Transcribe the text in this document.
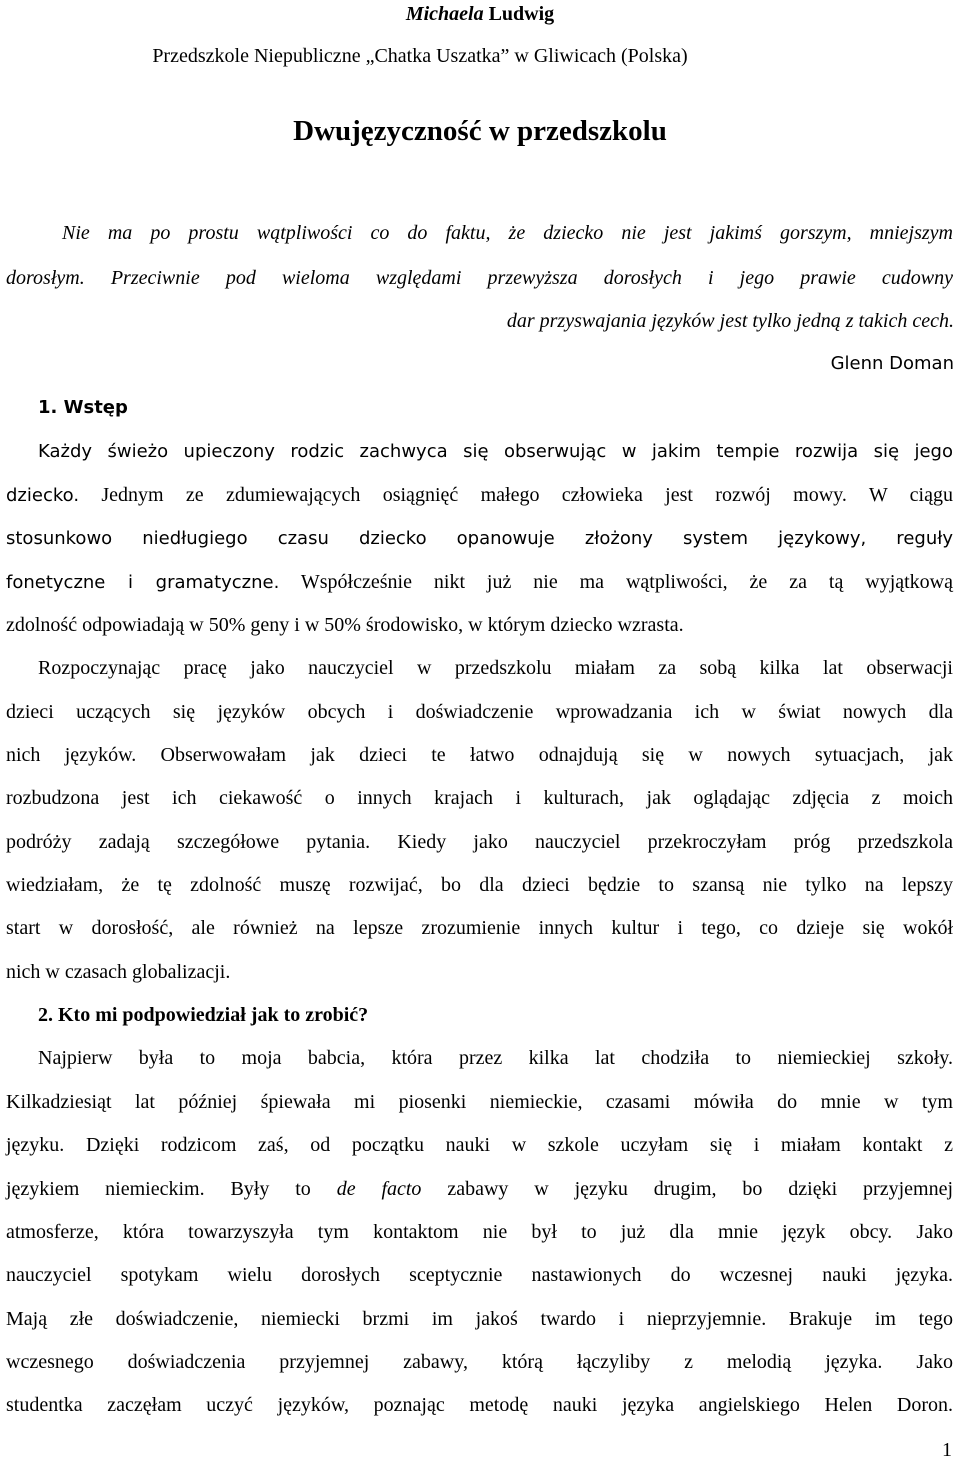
Michaela Ludwig
Przedszkole Niepubliczne „Chatka Uszatka” w Gliwicach (Polska)
Dwujęzyczność w przedszkolu
Nie ma po prostu wątpliwości co do faktu, że dziecko nie jest jakimś gorszym, mniejszym
dorosłym. Przeciwnie pod wieloma względami przewyższa dorosłych i jego prawie cudowny
dar przyswajania języków jest tylko jedną z takich cech.
Glenn Doman
1. Wstęp
Każdy świeżo upieczony rodzic zachwyca się obserwując w jakim tempie rozwija się jego
dziecko. Jednym ze zdumiewających osiągnięć małego człowieka jest rozwój mowy. W ciągu
stosunkowo niedługiego czasu dziecko opanowuje złożony system językowy, reguły
fonetyczne i gramatyczne. Współcześnie nikt już nie ma wątpliwości, że za tą wyjątkową
zdolność odpowiadają w 50% geny i w 50% środowisko, w którym dziecko wzrasta.
Rozpoczynając pracę jako nauczyciel w przedszkolu miałam za sobą kilka lat obserwacji
dzieci uczących się języków obcych i doświadczenie wprowadzania ich w świat nowych dla
nich języków. Obserwowałam jak dzieci te łatwo odnajdują się w nowych sytuacjach, jak
rozbudzona jest ich ciekawość o innych krajach i kulturach, jak oglądając zdjęcia z moich
podróży zadają szczegółowe pytania. Kiedy jako nauczyciel przekroczyłam próg przedszkola
wiedziałam, że tę zdolność muszę rozwijać, bo dla dzieci będzie to szansą nie tylko na lepszy
start w dorosłość, ale również na lepsze zrozumienie innych kultur i tego, co dzieje się wokół
nich w czasach globalizacji.
2. Kto mi podpowiedział jak to zrobić?
Najpierw była to moja babcia, która przez kilka lat chodziła to niemieckiej szkoły.
Kilkadziesiąt lat później śpiewała mi piosenki niemieckie, czasami mówiła do mnie w tym
języku. Dzięki rodzicom zaś, od początku nauki w szkole uczyłam się i miałam kontakt z
językiem niemieckim. Były to de facto zabawy w języku drugim, bo dzięki przyjemnej
atmosferze, która towarzyszyła tym kontaktom nie był to już dla mnie język obcy. Jako
nauczyciel spotykam wielu dorosłych sceptycznie nastawionych do wczesnej nauki języka.
Mają złe doświadczenie, niemiecki brzmi im jakoś twardo i nieprzyjemnie. Brakuje im tego
wczesnego doświadczenia przyjemnej zabawy, którą łączyliby z melodią języka. Jako
studentka zaczęłam uczyć języków, poznając metodę nauki języka angielskiego Helen Doron.
1
